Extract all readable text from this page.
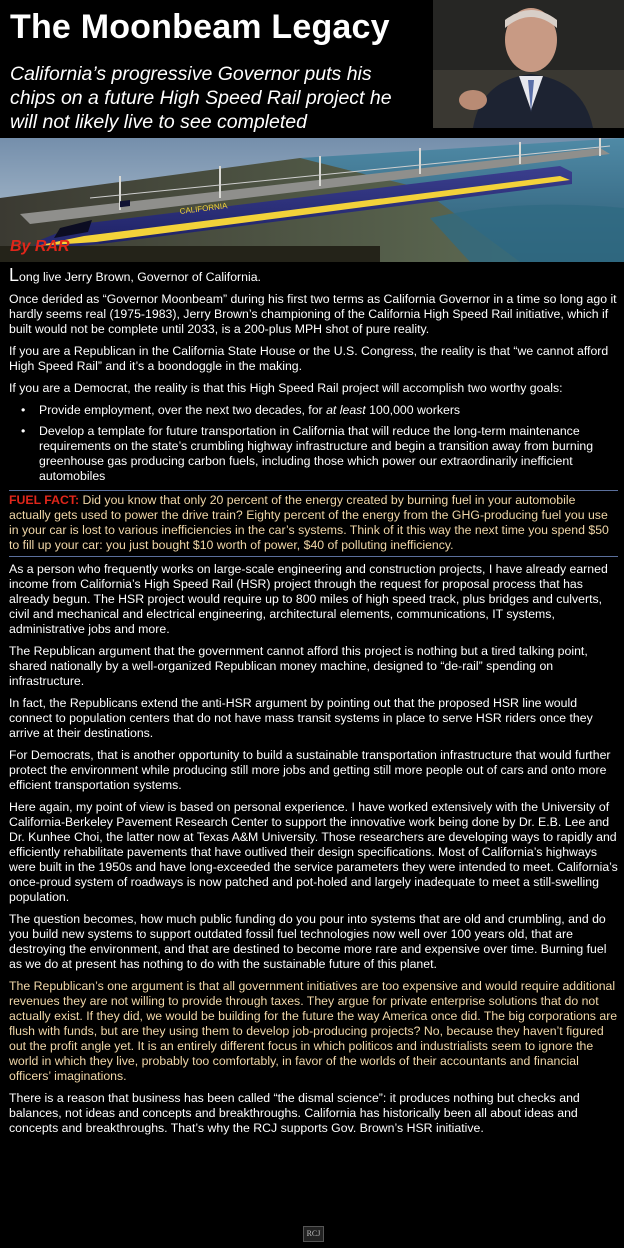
CALIFORNIA
The Moonbeam Legacy

California’s progressive Governor puts his chips on a future High Speed Rail project he will not likely live to see completed

By RAR

Long live Jerry Brown, Governor of California.

Once derided as “Governor Moonbeam” during his first two terms as California Governor in a time so long ago it hardly seems real (1975-1983), Jerry Brown’s championing of the California High Speed Rail initiative, which if built would not be complete until 2033, is a 200-plus MPH shot of pure reality.

If you are a Republican in the California State House or the U.S. Congress, the reality is that “we cannot afford High Speed Rail” and it’s a boondoggle in the making.

If you are a Democrat, the reality is that this High Speed Rail project will accomplish two worthy goals:

• Provide employment, over the next two decades, for at least 100,000 workers
• Develop a template for future transportation in California that will reduce the long-term maintenance requirements on the state’s crumbling highway infrastructure and begin a transition away from burning greenhouse gas producing carbon fuels, including those which power our extraordinarily inefficient automobiles
FUEL FACT: Did you know that only 20 percent of the energy created by burning fuel in your automobile actually gets used to power the drive train? Eighty percent of the energy from the GHG-producing fuel you use in your car is lost to various inefficiencies in the car’s systems. Think of it this way the next time you spend $50 to fill up your car: you just bought $10 worth of power, $40 of polluting inefficiency.

As a person who frequently works on large-scale engineering and construction projects, I have already earned income from California’s High Speed Rail (HSR) project through the request for proposal process that has already begun. The HSR project would require up to 800 miles of high speed track, plus bridges and culverts, civil and mechanical and electrical engineering, architectural elements, communications, IT systems, administrative jobs and more.

The Republican argument that the government cannot afford this project is nothing but a tired talking point, shared nationally by a well-organized Republican money machine, designed to “de-rail” spending on infrastructure.

In fact, the Republicans extend the anti-HSR argument by pointing out that the proposed HSR line would connect to population centers that do not have mass transit systems in place to serve HSR riders once they arrive at their destinations.

For Democrats, that is another opportunity to build a sustainable transportation infrastructure that would further protect the environment while producing still more jobs and getting still more people out of cars and onto more efficient transportation systems.

Here again, my point of view is based on personal experience. I have worked extensively with the University of California-Berkeley Pavement Research Center to support the innovative work being done by Dr. E.B. Lee and Dr. Kunhee Choi, the latter now at Texas A&M University. Those researchers are developing ways to rapidly and efficiently rehabilitate pavements that have outlived their design specifications. Most of California’s highways were built in the 1950s and have long-exceeded the service parameters they were intended to meet. California’s once-proud system of roadways is now patched and pot-holed and largely inadequate to meet a still-swelling population.

The question becomes, how much public funding do you pour into systems that are old and crumbling, and do you build new systems to support outdated fossil fuel technologies now well over 100 years old, that are destroying the environment, and that are destined to become more rare and expensive over time. Burning fuel as we do at present has nothing to do with the sustainable future of this planet.

The Republican’s one argument is that all government initiatives are too expensive and would require additional revenues they are not willing to provide through taxes. They argue for private enterprise solutions that do not actually exist. If they did, we would be building for the future the way America once did. The big corporations are flush with funds, but are they using them to develop job-producing projects? No, because they haven’t figured out the profit angle yet. It is an entirely different focus in which politicos and industrialists seem to ignore the world in which they live, probably too comfortably, in favor of the worlds of their accountants and financial officers’ imaginations.

There is a reason that business has been called “the dismal science”: it produces nothing but checks and balances, not ideas and concepts and breakthroughs. California has historically been all about ideas and concepts and breakthroughs. That’s why the RCJ supports Gov. Brown’s HSR initiative.

RCJ
